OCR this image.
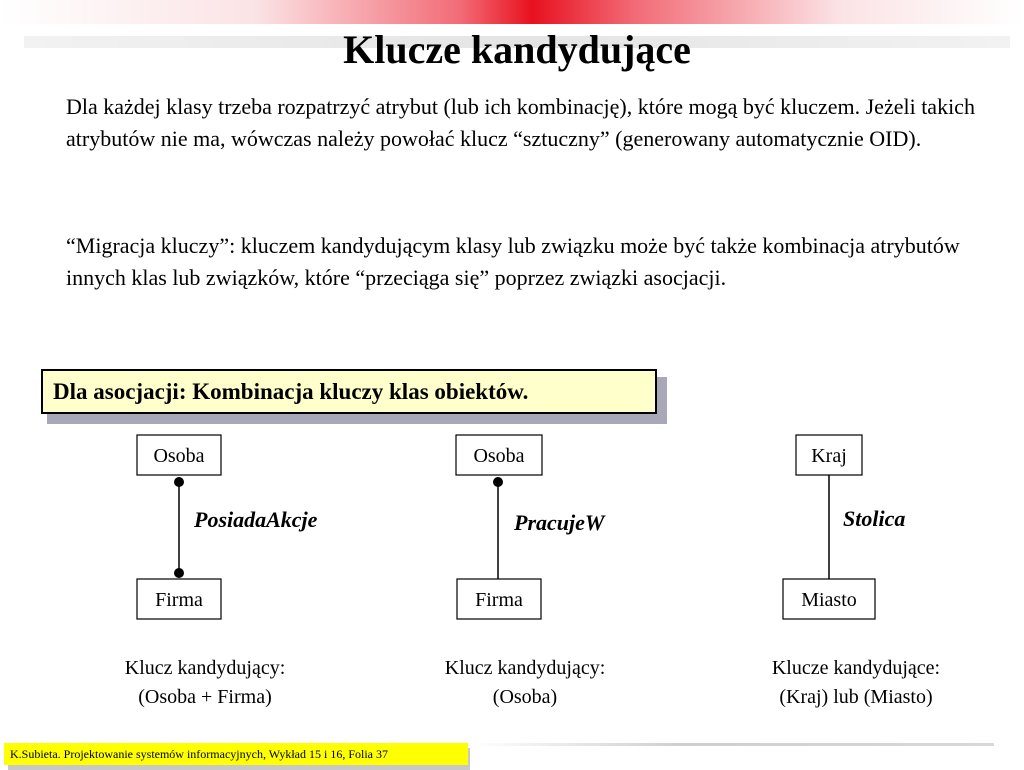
Klucze kandydujące

Dla każdej klasy trzeba rozpatrzyć atrybut (lub ich kombinację), które mogą być kluczem. Jeżeli takich atrybutów nie ma, wówczas należy powołać klucz “sztuczny” (generowany automatycznie OID).

“Migracja kluczy”: kluczem kandydującym klasy lub związku może być także kombinacja atrybutów innych klas lub związków, które “przeciąga się” poprzez związki asocjacji.

Dla asocjacji: Kombinacja kluczy klas obiektów.
Osoba
Firma
PosiadaAkcje
Osoba
Firma
PracujeW
Kraj
Miasto
Stolica

Klucz kandydujący:
(Osoba + Firma)

Klucz kandydujący:
(Osoba)

Klucze kandydujące:
(Kraj) lub (Miasto)

K.Subieta. Projektowanie systemów informacyjnych, Wykład 15 i 16, Folia 37
